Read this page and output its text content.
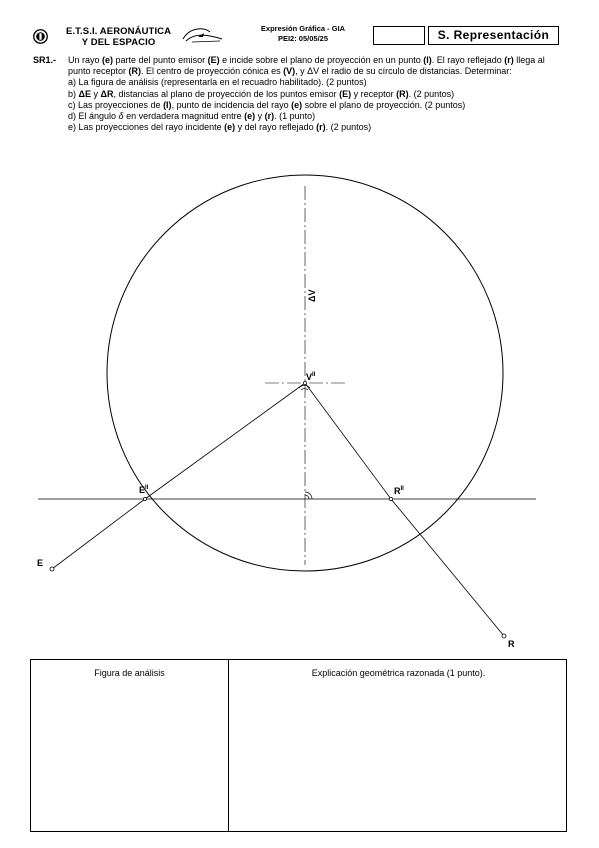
E.T.S.I. AERONÁUTICA
Y DEL ESPACIO
Expresión Gráfica - GIA
PEI2: 05/05/25	S. Representación
SR1.- Un rayo (e) parte del punto emisor (E) e incide sobre el plano de proyección en un punto (I). El rayo reflejado (r) llega al punto receptor (R). El centro de proyección cónica es (V), y ΔV el radio de su círculo de distancias. Determinar:
a) La figura de análisis (representarla en el recuadro habilitado). (2 puntos)
b) ΔE y ΔR, distancias al plano de proyección de los puntos emisor (E) y receptor (R). (2 puntos)
c) Las proyecciones de (I), punto de incidencia del rayo (e) sobre el plano de proyección. (2 puntos)
d) El ángulo δ en verdadera magnitud entre (e) y (r). (1 punto)
e) Las proyecciones del rayo incidente (e) y del rayo reflejado (r). (2 puntos)
ΔV
$V^{II}$
$E^{II}$	$R^{II}$
E
R
Figura de análisis	Explicación geométrica razonada (1 punto).
